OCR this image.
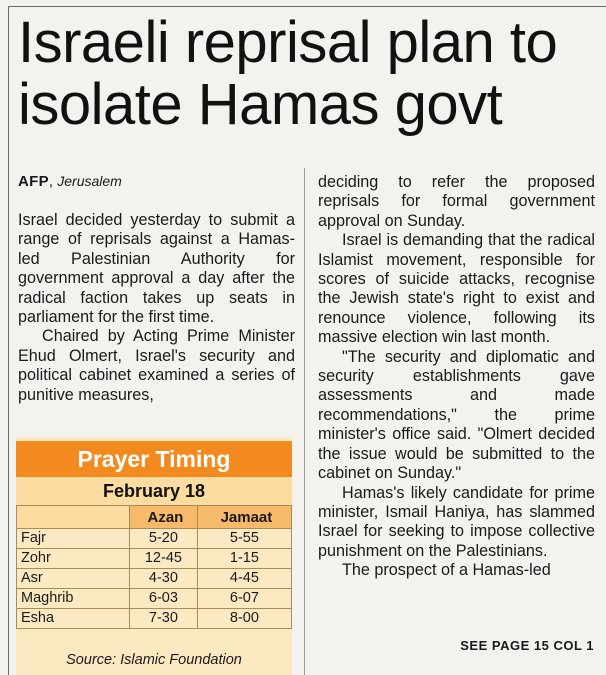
Israeli reprisal plan to
isolate Hamas govt
AFP, Jerusalem

Israel decided yesterday to submit a range of reprisals against a Hamas-led Palestinian Authority for government approval a day after the radical faction takes up seats in parliament for the first time.

Chaired by Acting Prime Minister Ehud Olmert, Israel's security and political cabinet examined a series of punitive measures,

deciding to refer the proposed reprisals for formal government approval on Sunday.

Israel is demanding that the radical Islamist movement, responsible for scores of suicide attacks, recognise the Jewish state's right to exist and renounce violence, following its massive election win last month.

"The security and diplomatic and security establishments gave assessments and made recommendations," the prime minister's office said. "Olmert decided the issue would be submitted to the cabinet on Sunday."

Hamas's likely candidate for prime minister, Ismail Haniya, has slammed Israel for seeking to impose collective punishment on the Palestinians.

The prospect of a Hamas-led

SEE PAGE 15 COL 1
Prayer Timing
February 18
	Azan	Jamaat
Fajr	5-20	5-55
Zohr	12-45	1-15
Asr	4-30	4-45
Maghrib	6-03	6-07
Esha	7-30	8-00
Source: Islamic Foundation
